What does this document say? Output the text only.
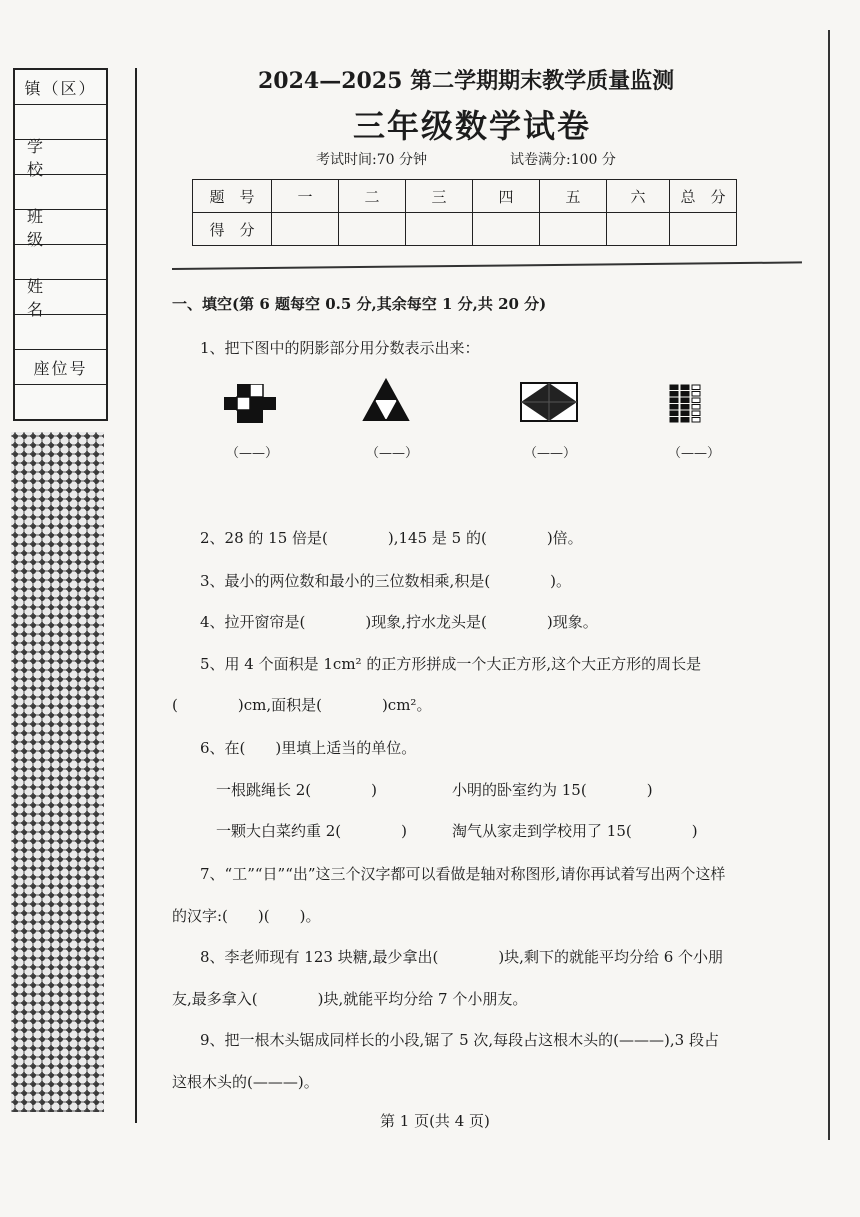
镇（区）
学　校
班　级
姓　名
座位号
2024—2025 第二学期期末教学质量监测
三年级数学试卷
考试时间:70 分钟	试卷满分:100 分
题　号	一	二	三	四	五	六	总　分
得　分							
一、填空(第 6 题每空 0.5 分,其余每空 1 分,共 20 分)
1、把下图中的阴影部分用分数表示出来：
（——）	（——）	（——）	（——）
2、28 的 15 倍是(　　　　),145 是 5 的(　　　　)倍。
3、最小的两位数和最小的三位数相乘,积是(　　　　)。
4、拉开窗帘是(　　　　)现象,拧水龙头是(　　　　)现象。
5、用 4 个面积是 1cm² 的正方形拼成一个大正方形,这个大正方形的周长是
(　　　　)cm,面积是(　　　　)cm²。
6、在(　　)里填上适当的单位。
一根跳绳长 2(　　　　)	小明的卧室约为 15(　　　　)
一颗大白菜约重 2(　　　　)	淘气从家走到学校用了 15(　　　　)
7、“工”“日”“出”这三个汉字都可以看做是轴对称图形,请你再试着写出两个这样
的汉字:(　　)(　　)。
8、李老师现有 123 块糖,最少拿出(　　　　)块,剩下的就能平均分给 6 个小朋
友,最多拿入(　　　　)块,就能平均分给 7 个小朋友。
9、把一根木头锯成同样长的小段,锯了 5 次,每段占这根木头的(———),3 段占
这根木头的(———)。
第 1 页(共 4 页)
